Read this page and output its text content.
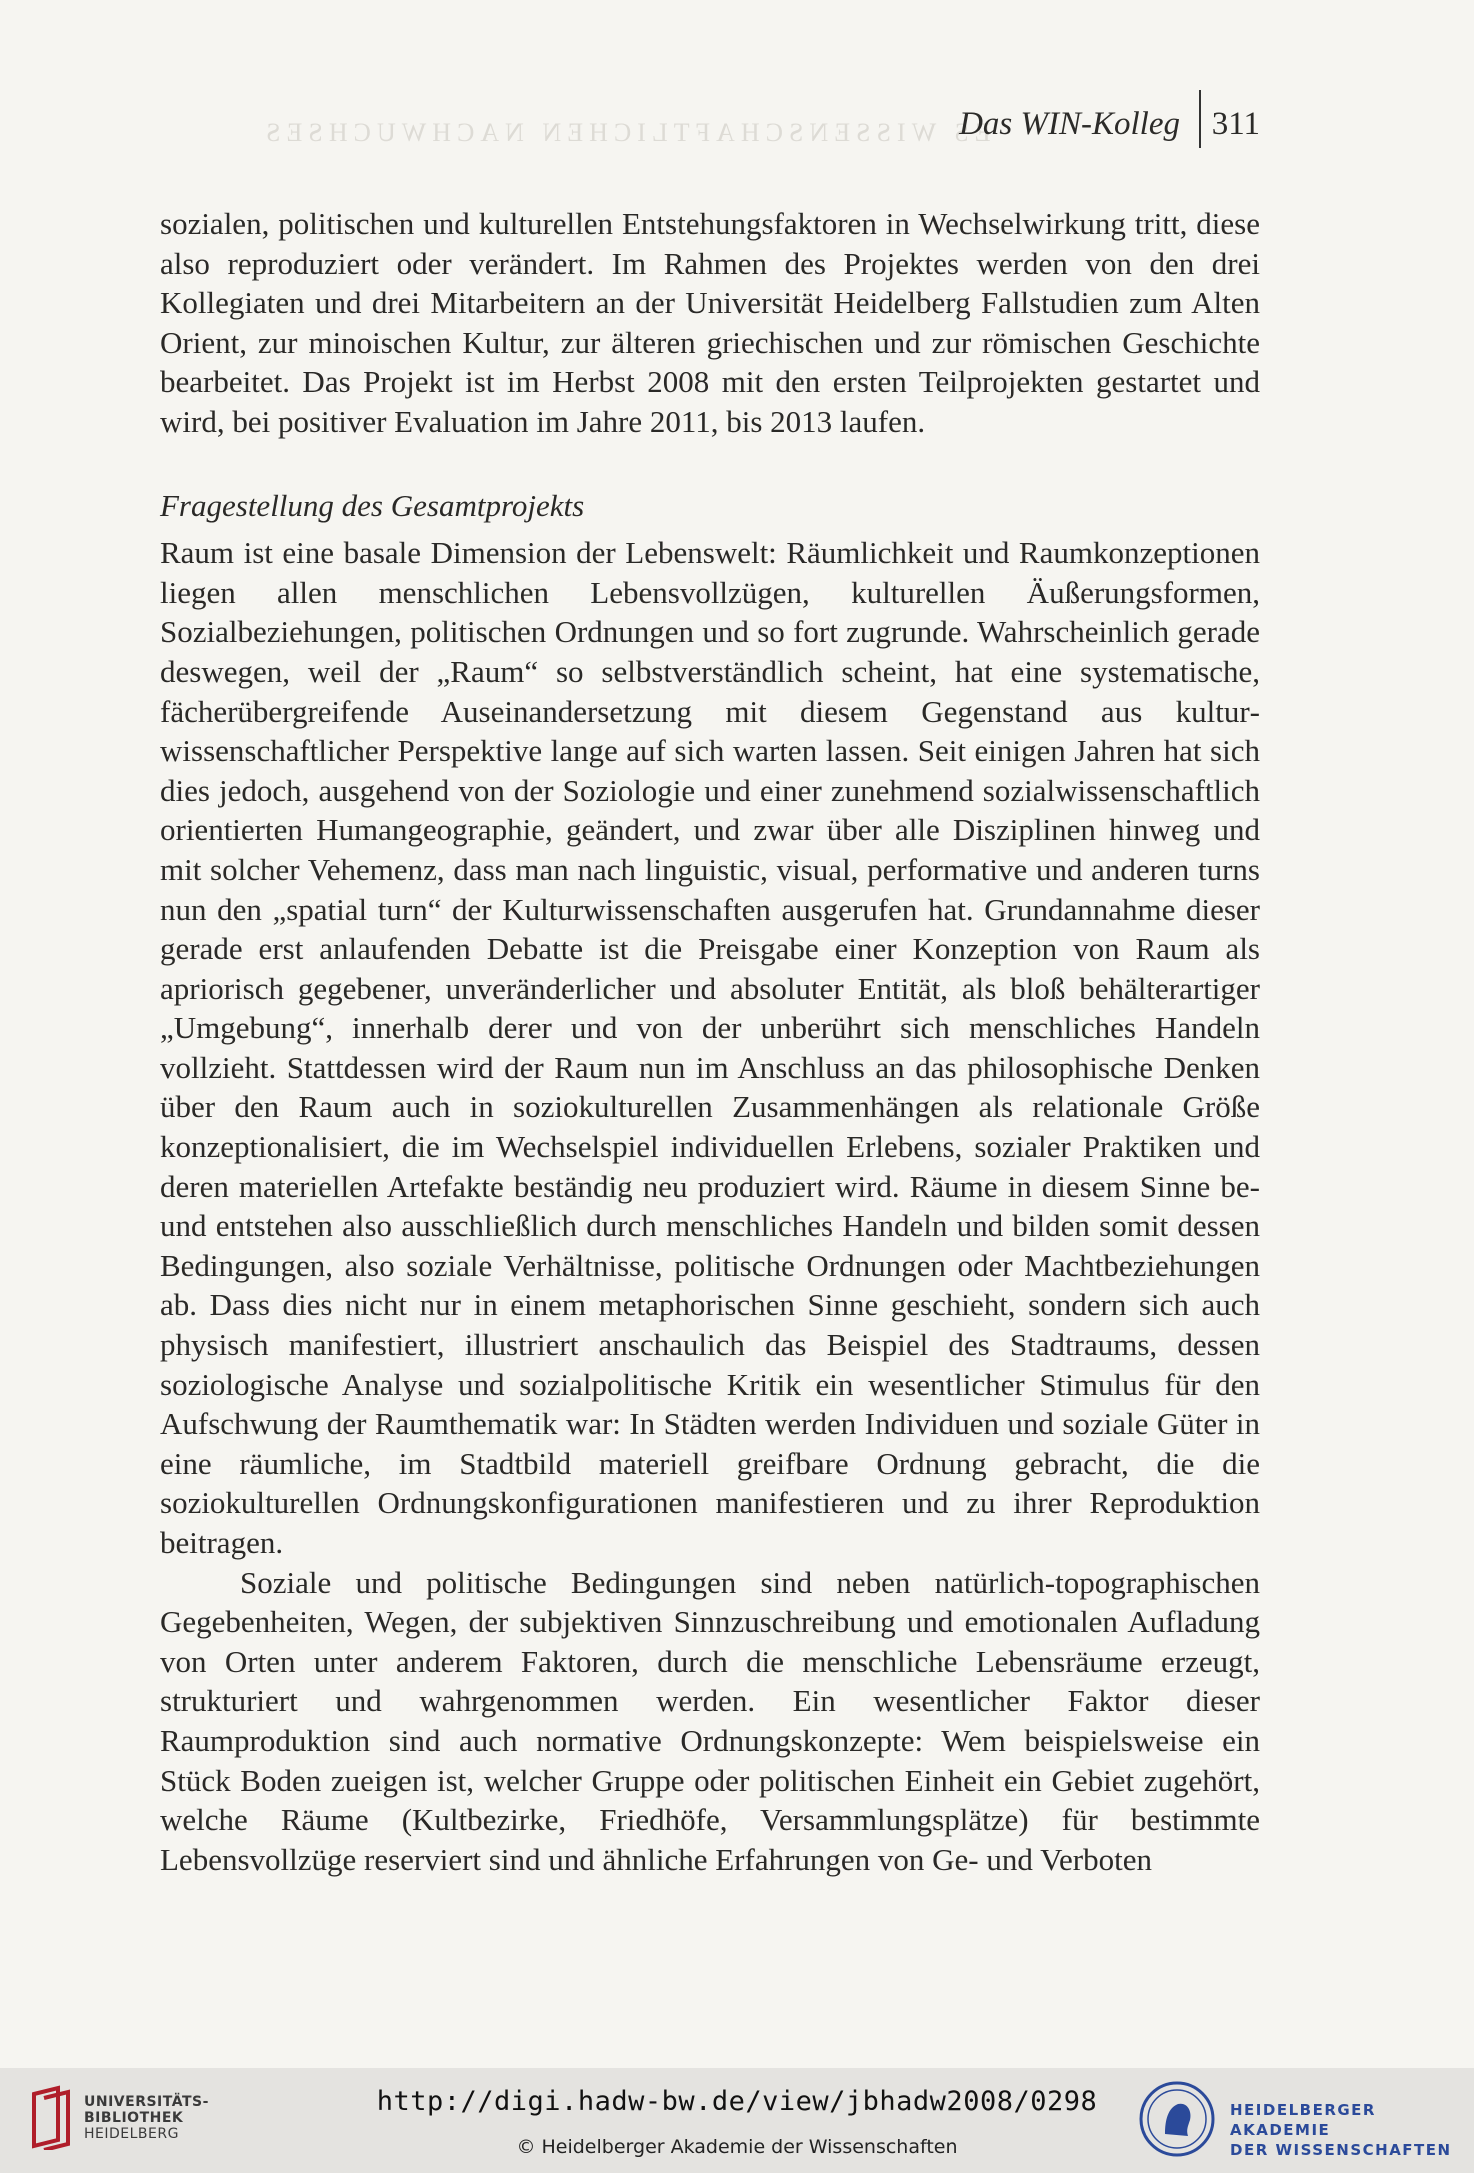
ES WISSENSCHAFTLICHEN NACHWUCHSES
Das WIN-Kolleg 311

sozialen, politischen und kulturellen Entstehungsfaktoren in Wechselwirkung tritt, diese also reproduziert oder verändert. Im Rahmen des Projektes werden von den drei Kollegiaten und drei Mitarbeitern an der Universität Heidelberg Fallstudien zum Alten Orient, zur minoischen Kultur, zur älteren griechischen und zur römischen Geschichte bearbeitet. Das Projekt ist im Herbst 2008 mit den ersten Teilprojekten gestartet und wird, bei positiver Evaluation im Jahre 2011, bis 2013 laufen.

Fragestellung des Gesamtprojekts

Raum ist eine basale Dimension der Lebenswelt: Räumlichkeit und Raumkonzeptionen liegen allen menschlichen Lebensvollzügen, kulturellen Äußerungsformen, Sozialbeziehungen, politischen Ordnungen und so fort zugrunde. Wahrscheinlich gerade deswegen, weil der „Raum“ so selbstverständlich scheint, hat eine systematische, fächerübergreifende Auseinandersetzung mit diesem Gegenstand aus kulturwissenschaftlicher Perspektive lange auf sich warten lassen. Seit einigen Jahren hat sich dies jedoch, ausgehend von der Soziologie und einer zunehmend sozialwissenschaftlich orientierten Humangeographie, geändert, und zwar über alle Disziplinen hinweg und mit solcher Vehemenz, dass man nach linguistic, visual, performative und anderen turns nun den „spatial turn“ der Kulturwissenschaften ausgerufen hat. Grundannahme dieser gerade erst anlaufenden Debatte ist die Preisgabe einer Konzeption von Raum als apriorisch gegebener, unveränderlicher und absoluter Entität, als bloß behälterartiger „Umgebung“, innerhalb derer und von der unberührt sich menschliches Handeln vollzieht. Stattdessen wird der Raum nun im Anschluss an das philosophische Denken über den Raum auch in soziokulturellen Zusammenhängen als relationale Größe konzeptionalisiert, die im Wechselspiel individuellen Erlebens, sozialer Praktiken und deren materiellen Artefakte beständig neu produziert wird. Räume in diesem Sinne be- und entstehen also ausschließlich durch menschliches Handeln und bilden somit dessen Bedingungen, also soziale Verhältnisse, politische Ordnungen oder Machtbeziehungen ab. Dass dies nicht nur in einem metaphorischen Sinne geschieht, sondern sich auch physisch manifestiert, illustriert anschaulich das Beispiel des Stadtraums, dessen soziologische Analyse und sozialpolitische Kritik ein wesentlicher Stimulus für den Aufschwung der Raumthematik war: In Städten werden Individuen und soziale Güter in eine räumliche, im Stadtbild materiell greifbare Ordnung gebracht, die die soziokulturellen Ordnungskonfigurationen manifestieren und zu ihrer Reproduktion beitragen.

Soziale und politische Bedingungen sind neben natürlich-topographischen Gegebenheiten, Wegen, der subjektiven Sinnzuschreibung und emotionalen Aufladung von Orten unter anderem Faktoren, durch die menschliche Lebensräume erzeugt, strukturiert und wahrgenommen werden. Ein wesentlicher Faktor dieser Raumproduktion sind auch normative Ordnungskonzepte: Wem beispielsweise ein Stück Boden zueigen ist, welcher Gruppe oder politischen Einheit ein Gebiet zugehört, welche Räume (Kultbezirke, Friedhöfe, Versammlungsplätze) für bestimmte Lebensvollzüge reserviert sind und ähnliche Erfahrungen von Ge- und Verboten

UNIVERSITÄTS-
BIBLIOTHEK
HEIDELBERG
http://digi.hadw-bw.de/view/jbhadw2008/0298
© Heidelberger Akademie der Wissenschaften
HEIDELBERGER AKADEMIE
DER WISSENSCHAFTEN
